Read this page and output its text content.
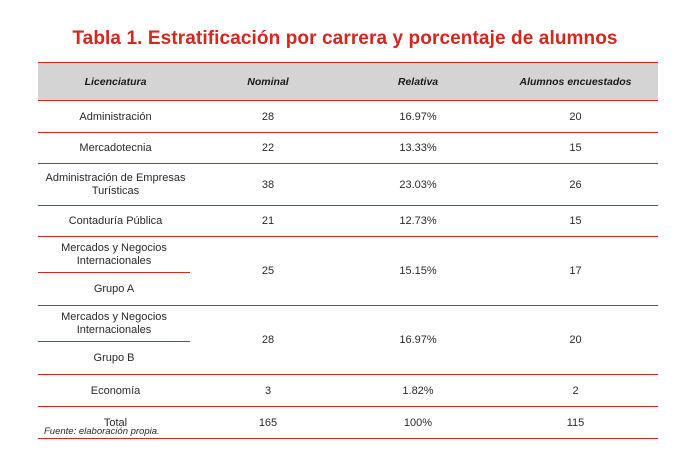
Tabla 1. Estratificación por carrera y porcentaje de alumnos
Licenciatura	Nominal	Relativa	Alumnos encuestados
Administración	28	16.97%	20
Mercadotecnia	22	13.33%	15
Administración de Empresas Turísticas	38	23.03%	26
Contaduría Pública	21	12.73%	15

Mercados y Negocios Internacionales
Grupo A	25	15.15%	17

Mercados y Negocios Internacionales
Grupo B	28	16.97%	20
Economía	3	1.82%	2
Total	165	100%	115
Fuente: elaboración propia.
